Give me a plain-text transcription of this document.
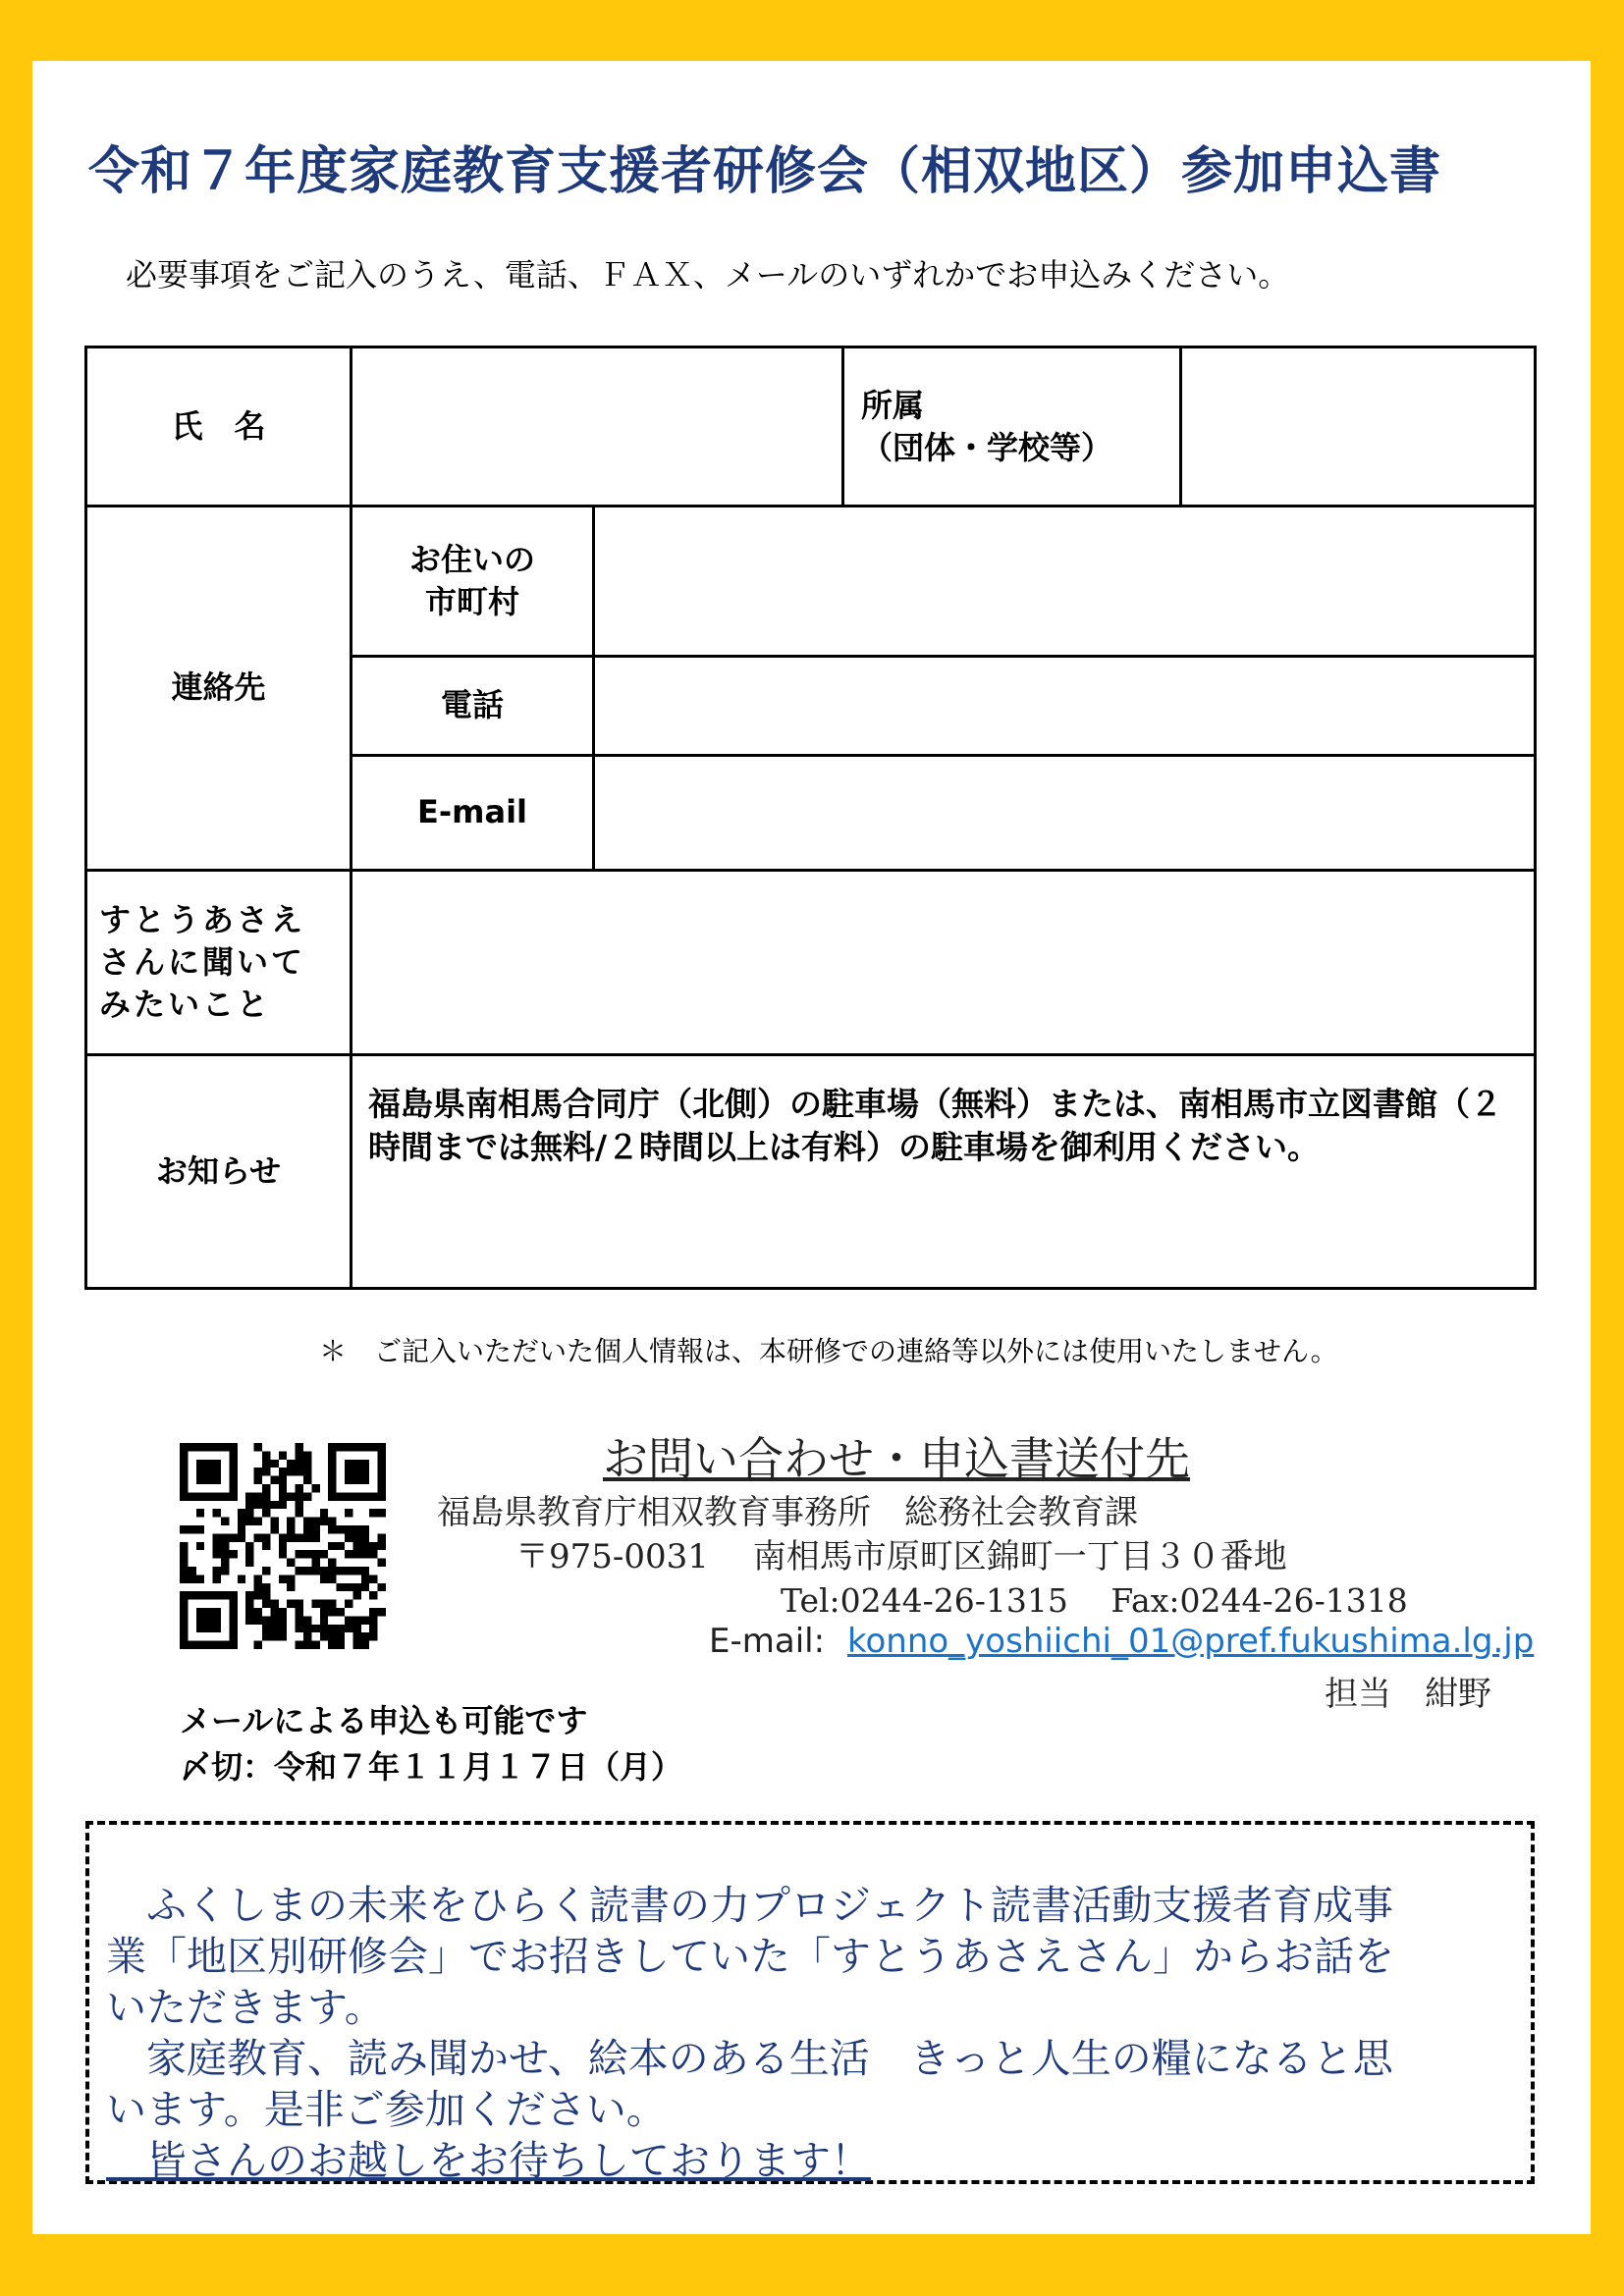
令和７年度家庭教育支援者研修会（相双地区）参加申込書
必要事項をご記入のうえ、電話、ＦＡＸ、メールのいずれかでお申込みください。
氏　名
所属
（団体・学校等）
連絡先
お住いの
市町村
電話
E-mail
すとうあさえ
さんに聞いて
みたいこと
お知らせ
福島県南相馬合同庁（北側）の駐車場（無料）または、南相馬市立図書館（２時間までは無料/２時間以上は有料）の駐車場を御利用ください。
＊　ご記入いただいた個人情報は、本研修での連絡等以外には使用いたしません。
お問い合わせ・申込書送付先
福島県教育庁相双教育事務所　総務社会教育課
〒975-0031　 南相馬市原町区錦町一丁目３０番地
Tel:0244-26-1315　 Fax:0244-26-1318
E-mail: konno_yoshiichi_01@pref.fukushima.lg.jp
担当　紺野
メールによる申込も可能です
〆切：令和７年１１月１７日（月）
　ふくしまの未来をひらく読書の力プロジェクト読書活動支援者育成事
業「地区別研修会」でお招きしていた「すとうあさえさん」からお話を
いただきます。
　家庭教育、読み聞かせ、絵本のある生活　きっと人生の糧になると思
います。是非ご参加ください。
　皆さんのお越しをお待ちしております！
